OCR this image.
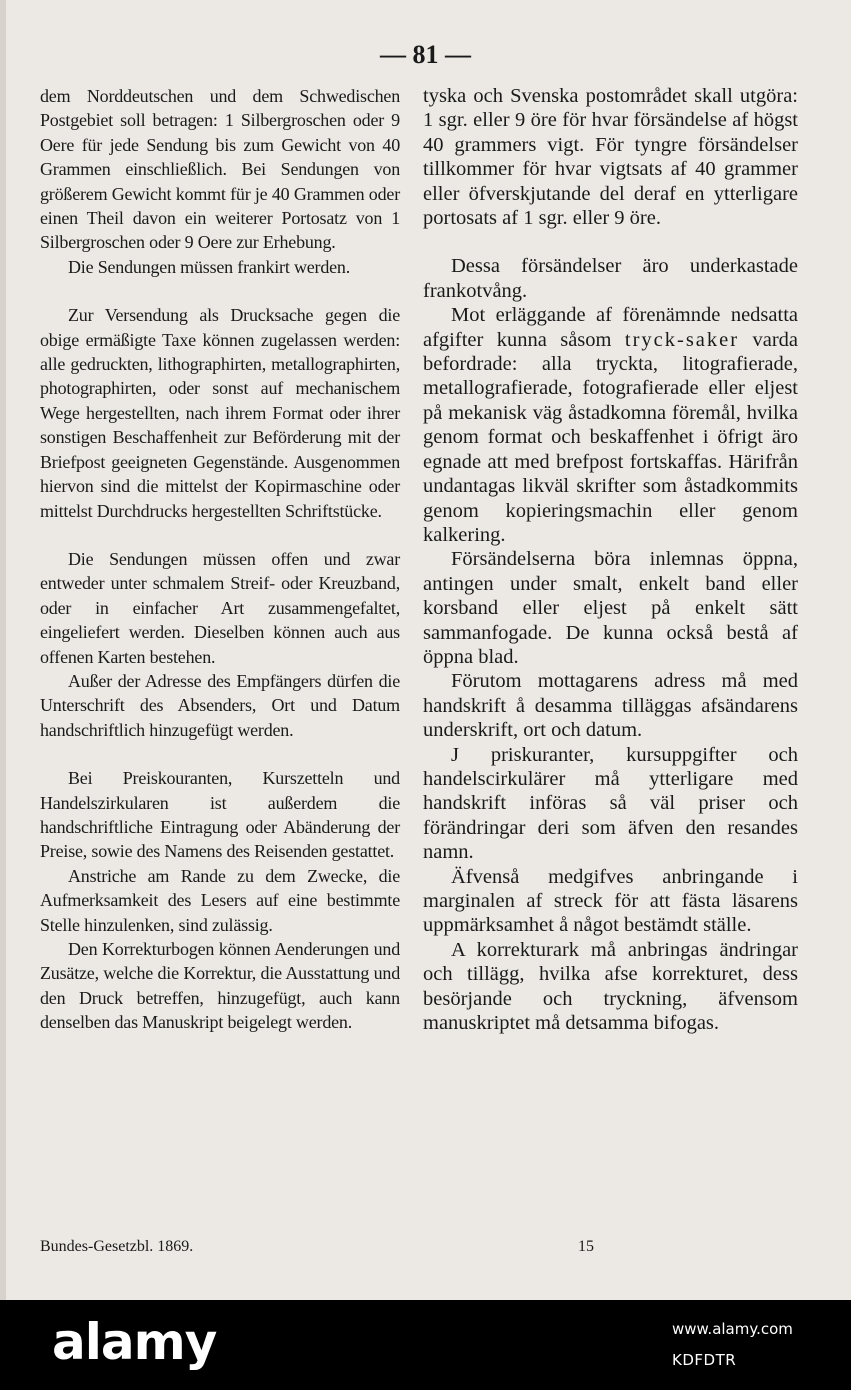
— 81 —

dem Norddeutschen und dem Schwedischen Postgebiet soll betragen: 1 Silbergroschen oder 9 Oere für jede Sendung bis zum Gewicht von 40 Grammen einschließlich. Bei Sendungen von größerem Gewicht kommt für je 40 Grammen oder einen Theil davon ein weiterer Portosatz von 1 Silbergroschen oder 9 Oere zur Erhebung.

Die Sendungen müssen frankirt werden.

Zur Versendung als Drucksache gegen die obige ermäßigte Taxe können zugelassen werden: alle gedruckten, lithographirten, metallographirten, photographirten, oder sonst auf mechanischem Wege hergestellten, nach ihrem Format oder ihrer sonstigen Beschaffenheit zur Beförderung mit der Briefpost geeigneten Gegenstände. Ausgenommen hiervon sind die mittelst der Kopirmaschine oder mittelst Durchdrucks hergestellten Schriftstücke.

Die Sendungen müssen offen und zwar entweder unter schmalem Streif- oder Kreuzband, oder in einfacher Art zusammengefaltet, eingeliefert werden. Dieselben können auch aus offenen Karten bestehen.

Außer der Adresse des Empfängers dürfen die Unterschrift des Absenders, Ort und Datum handschriftlich hinzugefügt werden.

Bei Preiskouranten, Kurszetteln und Handelszirkularen ist außerdem die handschriftliche Eintragung oder Abänderung der Preise, sowie des Namens des Reisenden gestattet.

Anstriche am Rande zu dem Zwecke, die Aufmerksamkeit des Lesers auf eine bestimmte Stelle hinzulenken, sind zulässig.

Den Korrekturbogen können Aenderungen und Zusätze, welche die Korrektur, die Ausstattung und den Druck betreffen, hinzugefügt, auch kann denselben das Manuskript beigelegt werden.

tyska och Svenska postområdet skall utgöra: 1 sgr. eller 9 öre för hvar försändelse af högst 40 grammers vigt. För tyngre försändelser tillkommer för hvar vigtsats af 40 grammer eller öfverskjutande del deraf en ytterligare portosats af 1 sgr. eller 9 öre.

Dessa försändelser äro underkastade frankotvång.

Mot erläggande af förenämnde nedsatta afgifter kunna såsom tryck-saker varda befordrade: alla tryckta, litografierade, metallografierade, fotografierade eller eljest på mekanisk väg åstadkomna föremål, hvilka genom format och beskaffenhet i öfrigt äro egnade att med brefpost fortskaffas. Härifrån undantagas likväl skrifter som åstadkommits genom kopieringsmachin eller genom kalkering.

Försändelserna böra inlemnas öppna, antingen under smalt, enkelt band eller korsband eller eljest på enkelt sätt sammanfogade. De kunna också bestå af öppna blad.

Förutom mottagarens adress må med handskrift å desamma tilläggas afsändarens underskrift, ort och datum.

J priskuranter, kursuppgifter och handelscirkulärer må ytterligare med handskrift införas så väl priser och förändringar deri som äfven den resandes namn.

Äfvenså medgifves anbringande i marginalen af streck för att fästa läsarens uppmärksamhet å något bestämdt ställe.

A korrekturark må anbringas ändringar och tillägg, hvilka afse korrekturet, dess besörjande och tryckning, äfvensom manuskriptet må detsamma bifogas.

Bundes-Gesetzbl. 1869.	15
alamy	www.alamy.com
KDFDTR
